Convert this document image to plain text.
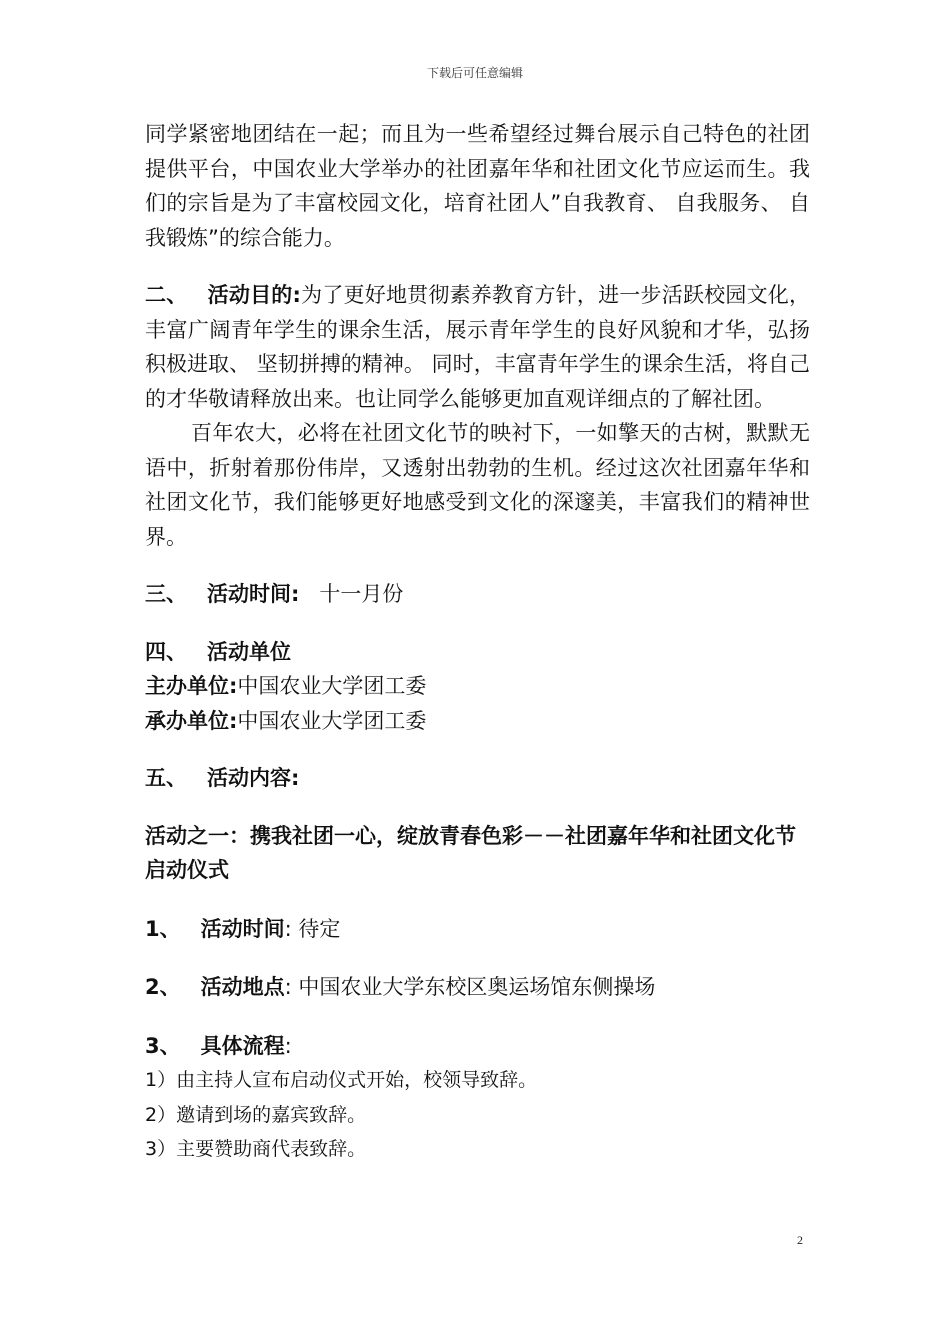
下载后可任意编辑

同学紧密地团结在一起；而且为一些希望经过舞台展示自己特色的社团提供平台，中国农业大学举办的社团嘉年华和社团文化节应运而生。我们的宗旨是为了丰富校园文化，培育社团人”自我教育、 自我服务、 自我锻炼”的综合能力。

二、 活动目的:为了更好地贯彻素养教育方针，进一步活跃校园文化，丰富广阔青年学生的课余生活，展示青年学生的良好风貌和才华，弘扬积极进取、 坚韧拼搏的精神。 同时，丰富青年学生的课余生活，将自己的才华敬请释放出来。也让同学么能够更加直观详细点的了解社团。

百年农大，必将在社团文化节的映衬下，一如擎天的古树，默默无语中，折射着那份伟岸，又透射出勃勃的生机。经过这次社团嘉年华和社团文化节，我们能够更好地感受到文化的深邃美，丰富我们的精神世界。

三、 活动时间: 十一月份

四、 活动单位

主办单位:中国农业大学团工委

承办单位:中国农业大学团工委

五、 活动内容:

活动之一：携我社团一心，绽放青春色彩－－社团嘉年华和社团文化节启动仪式

1、 活动时间: 待定

2、 活动地点: 中国农业大学东校区奥运场馆东侧操场

3、 具体流程:

1）由主持人宣布启动仪式开始，校领导致辞。

2）邀请到场的嘉宾致辞。

3）主要赞助商代表致辞。

2
